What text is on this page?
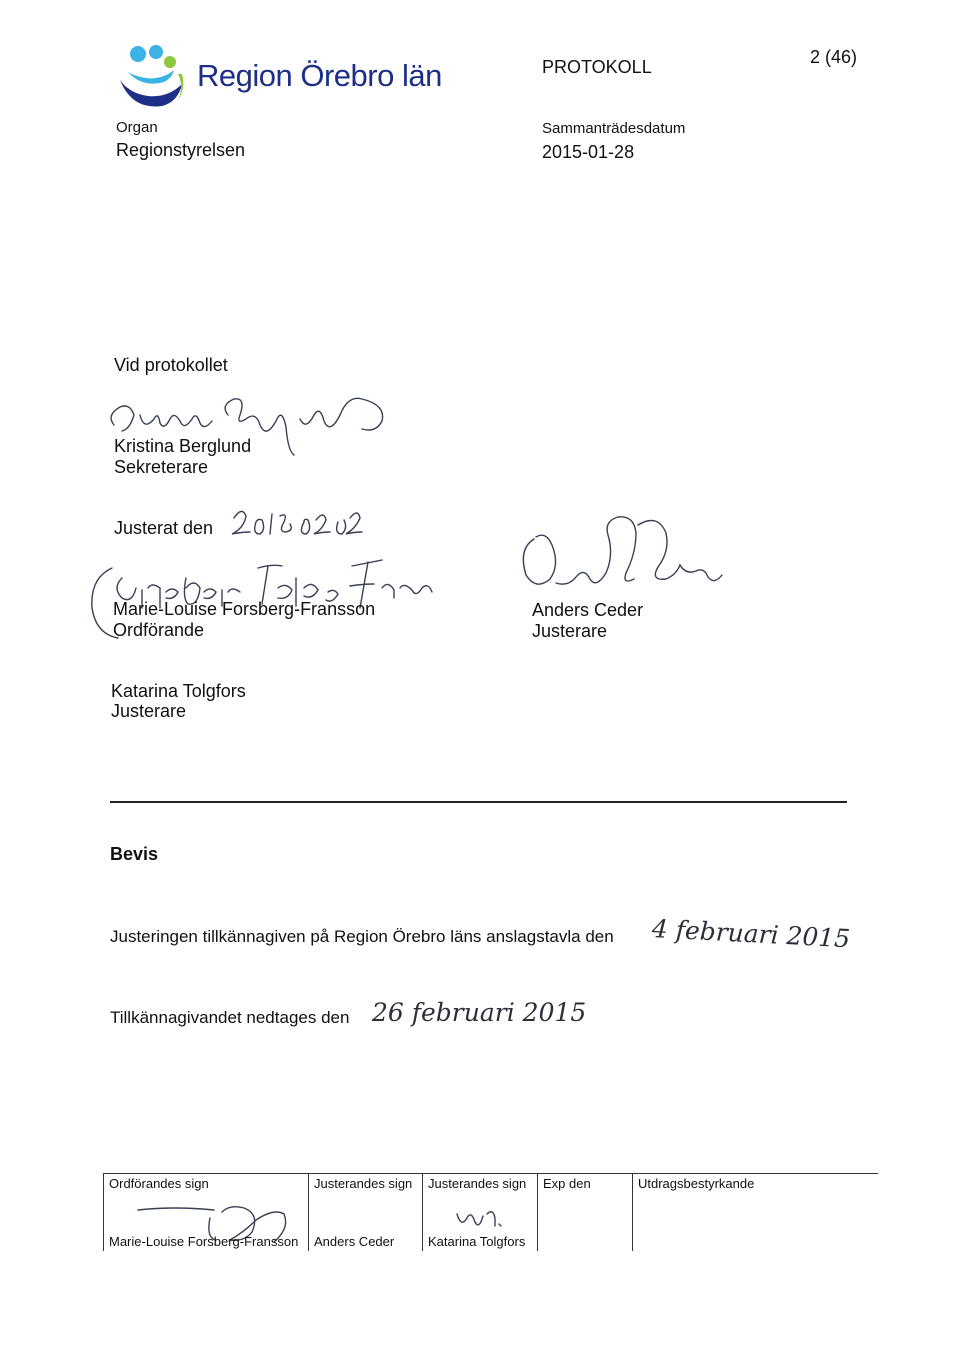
Region Örebro län	PROTOKOLL	2 (46)
Organ
Regionstyrelsen
Sammanträdesdatum
2015-01-28
Vid protokollet
Kristina Berglund
Sekreterare
Justerat den
Marie-Louise Forsberg-Fransson
Ordförande
Anders Ceder
Justerare
Katarina Tolgfors
Justerare
Bevis
Justeringen tillkännagiven på Region Örebro läns anslagstavla den 4 februari 2015
Tillkännagivandet nedtages den 26 februari 2015
Ordförandes sign
Marie-Louise Forsberg-Fransson
Justerandes sign
Anders Ceder
Justerandes sign
Katarina Tolgfors
Exp den	Utdragsbestyrkande
